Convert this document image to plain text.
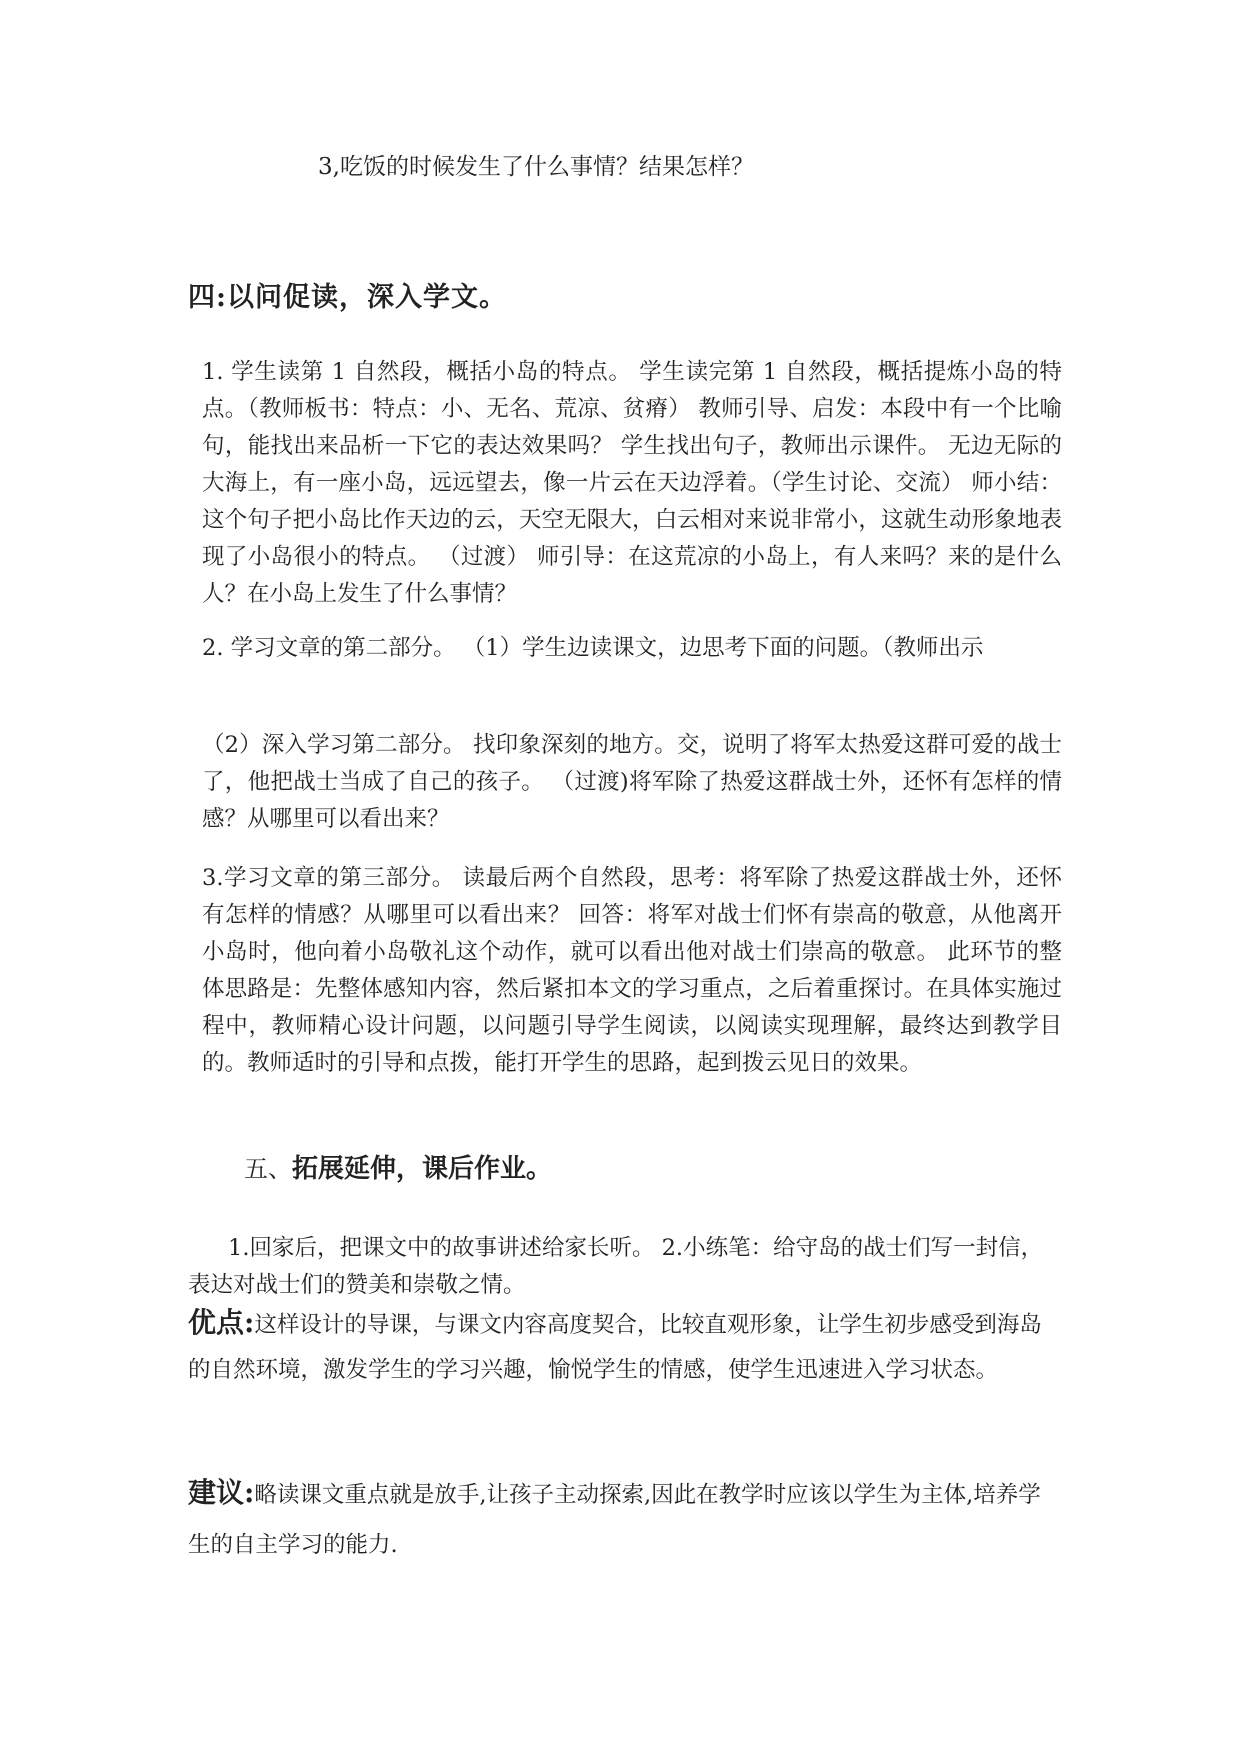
3,吃饭的时候发生了什么事情？结果怎样？
四:以问促读，深入学文。
1. 学生读第 1 自然段，概括小岛的特点。 学生读完第 1 自然段，概括提炼小岛的特点。（教师板书：特点：小、无名、荒凉、贫瘠） 教师引导、启发：本段中有一个比喻句，能找出来品析一下它的表达效果吗？ 学生找出句子，教师出示课件。 无边无际的大海上，有一座小岛，远远望去，像一片云在天边浮着。（学生讨论、交流） 师小结：这个句子把小岛比作天边的云，天空无限大，白云相对来说非常小，这就生动形象地表现了小岛很小的特点。 （过渡） 师引导：在这荒凉的小岛上，有人来吗？来的是什么人？在小岛上发生了什么事情？
2. 学习文章的第二部分。 （1）学生边读课文，边思考下面的问题。（教师出示
（2）深入学习第二部分。 找印象深刻的地方。交，说明了将军太热爱这群可爱的战士了，他把战士当成了自己的孩子。 （过渡)将军除了热爱这群战士外，还怀有怎样的情感？从哪里可以看出来？
3.学习文章的第三部分。 读最后两个自然段，思考：将军除了热爱这群战士外，还怀有怎样的情感？从哪里可以看出来？ 回答：将军对战士们怀有崇高的敬意，从他离开小岛时，他向着小岛敬礼这个动作，就可以看出他对战士们崇高的敬意。 此环节的整体思路是：先整体感知内容，然后紧扣本文的学习重点，之后着重探讨。在具体实施过程中，教师精心设计问题，以问题引导学生阅读，以阅读实现理解，最终达到教学目的。教师适时的引导和点拨，能打开学生的思路，起到拨云见日的效果。
五、拓展延伸，课后作业。
1.回家后，把课文中的故事讲述给家长听。 2.小练笔：给守岛的战士们写一封信，表达对战士们的赞美和崇敬之情。
优点:这样设计的导课，与课文内容高度契合，比较直观形象，让学生初步感受到海岛的自然环境，激发学生的学习兴趣，愉悦学生的情感，使学生迅速进入学习状态。
建议:略读课文重点就是放手,让孩子主动探索,因此在教学时应该以学生为主体,培养学生的自主学习的能力.
